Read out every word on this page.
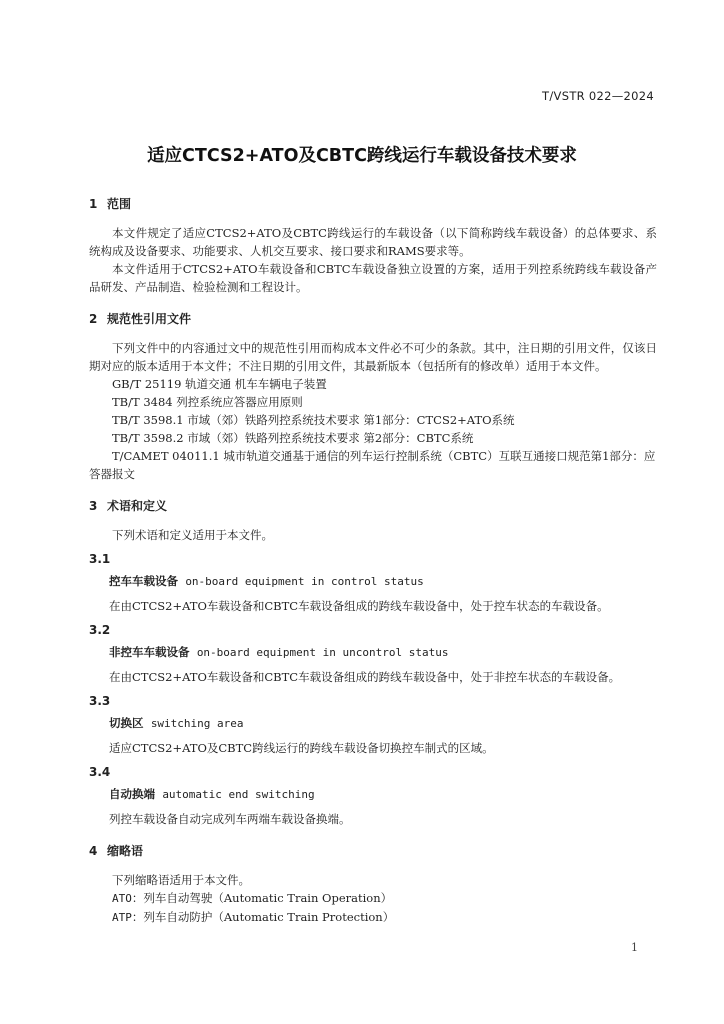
T/VSTR 022—2024
适应CTCS2+ATO及CBTC跨线运行车载设备技术要求
1 范围

本文件规定了适应CTCS2+ATO及CBTC跨线运行的车载设备（以下简称跨线车载设备）的总体要求、系统构成及设备要求、功能要求、人机交互要求、接口要求和RAMS要求等。

本文件适用于CTCS2+ATO车载设备和CBTC车载设备独立设置的方案，适用于列控系统跨线车载设备产品研发、产品制造、检验检测和工程设计。

2 规范性引用文件

下列文件中的内容通过文中的规范性引用而构成本文件必不可少的条款。其中，注日期的引用文件，仅该日期对应的版本适用于本文件；不注日期的引用文件，其最新版本（包括所有的修改单）适用于本文件。

GB/T 25119 轨道交通 机车车辆电子装置

TB/T 3484 列控系统应答器应用原则

TB/T 3598.1 市域（郊）铁路列控系统技术要求 第1部分：CTCS2+ATO系统

TB/T 3598.2 市域（郊）铁路列控系统技术要求 第2部分：CBTC系统

T/CAMET 04011.1 城市轨道交通基于通信的列车运行控制系统（CBTC）互联互通接口规范第1部分：应答器报文

3 术语和定义

下列术语和定义适用于本文件。

3.1
控车车载设备 on-board equipment in control status

在由CTCS2+ATO车载设备和CBTC车载设备组成的跨线车载设备中，处于控车状态的车载设备。

3.2
非控车车载设备 on-board equipment in uncontrol status

在由CTCS2+ATO车载设备和CBTC车载设备组成的跨线车载设备中，处于非控车状态的车载设备。

3.3
切换区 switching area

适应CTCS2+ATO及CBTC跨线运行的跨线车载设备切换控车制式的区域。

3.4
自动换端 automatic end switching

列控车载设备自动完成列车两端车载设备换端。

4 缩略语

下列缩略语适用于本文件。

ATO：列车自动驾驶（Automatic Train Operation）

ATP：列车自动防护（Automatic Train Protection）

1
